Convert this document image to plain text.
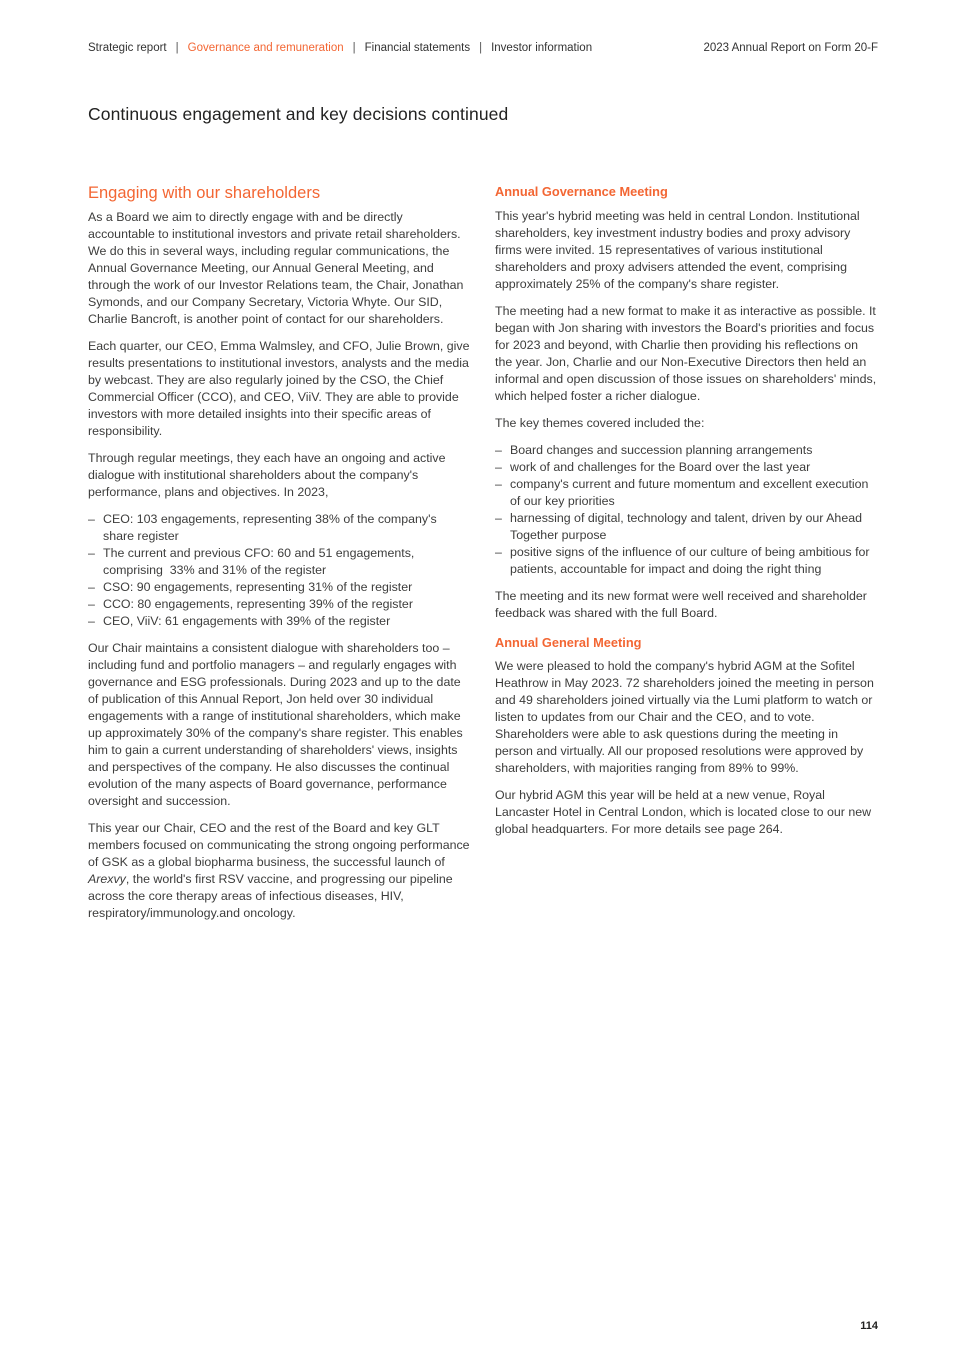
Strategic report | Governance and remuneration | Financial statements | Investor information	2023 Annual Report on Form 20-F
Continuous engagement and key decisions continued
Engaging with our shareholders

As a Board we aim to directly engage with and be directly accountable to institutional investors and private retail shareholders. We do this in several ways, including regular communications, the Annual Governance Meeting, our Annual General Meeting, and through the work of our Investor Relations team, the Chair, Jonathan Symonds, and our Company Secretary, Victoria Whyte. Our SID, Charlie Bancroft, is another point of contact for our shareholders.

Each quarter, our CEO, Emma Walmsley, and CFO, Julie Brown, give results presentations to institutional investors, analysts and the media by webcast. They are also regularly joined by the CSO, the Chief Commercial Officer (CCO), and CEO, ViiV. They are able to provide investors with more detailed insights into their specific areas of responsibility.

Through regular meetings, they each have an ongoing and active dialogue with institutional shareholders about the company's performance, plans and objectives. In 2023,

– CEO: 103 engagements, representing 38% of the company's share register
– The current and previous CFO: 60 and 51 engagements, comprising  33% and 31% of the register
– CSO: 90 engagements, representing 31% of the register
– CCO: 80 engagements, representing 39% of the register
– CEO, ViiV: 61 engagements with 39% of the register

Our Chair maintains a consistent dialogue with shareholders too – including fund and portfolio managers – and regularly engages with governance and ESG professionals. During 2023 and up to the date of publication of this Annual Report, Jon held over 30 individual engagements with a range of institutional shareholders, which make up approximately 30% of the company's share register. This enables him to gain a current understanding of shareholders' views, insights and perspectives of the company. He also discusses the continual evolution of the many aspects of Board governance, performance oversight and succession.

This year our Chair, CEO and the rest of the Board and key GLT members focused on communicating the strong ongoing performance of GSK as a global biopharma business, the successful launch of Arexvy, the world's first RSV vaccine, and progressing our pipeline across the core therapy areas of infectious diseases, HIV, respiratory/immunology.and oncology.

Annual Governance Meeting

This year's hybrid meeting was held in central London. Institutional shareholders, key investment industry bodies and proxy advisory firms were invited. 15 representatives of various institutional shareholders and proxy advisers attended the event, comprising approximately 25% of the company's share register.

The meeting had a new format to make it as interactive as possible. It began with Jon sharing with investors the Board's priorities and focus for 2023 and beyond, with Charlie then providing his reflections on the year. Jon, Charlie and our Non-Executive Directors then held an informal and open discussion of those issues on shareholders' minds, which helped foster a richer dialogue.

The key themes covered included the:

– Board changes and succession planning arrangements
– work of and challenges for the Board over the last year
– company's current and future momentum and excellent execution of our key priorities
– harnessing of digital, technology and talent, driven by our Ahead Together purpose
– positive signs of the influence of our culture of being ambitious for patients, accountable for impact and doing the right thing

The meeting and its new format were well received and shareholder feedback was shared with the full Board.

Annual General Meeting

We were pleased to hold the company's hybrid AGM at the Sofitel Heathrow in May 2023. 72 shareholders joined the meeting in person and 49 shareholders joined virtually via the Lumi platform to watch or listen to updates from our Chair and the CEO, and to vote. Shareholders were able to ask questions during the meeting in person and virtually. All our proposed resolutions were approved by shareholders, with majorities ranging from 89% to 99%.

Our hybrid AGM this year will be held at a new venue, Royal Lancaster Hotel in Central London, which is located close to our new global headquarters. For more details see page 264.

114
